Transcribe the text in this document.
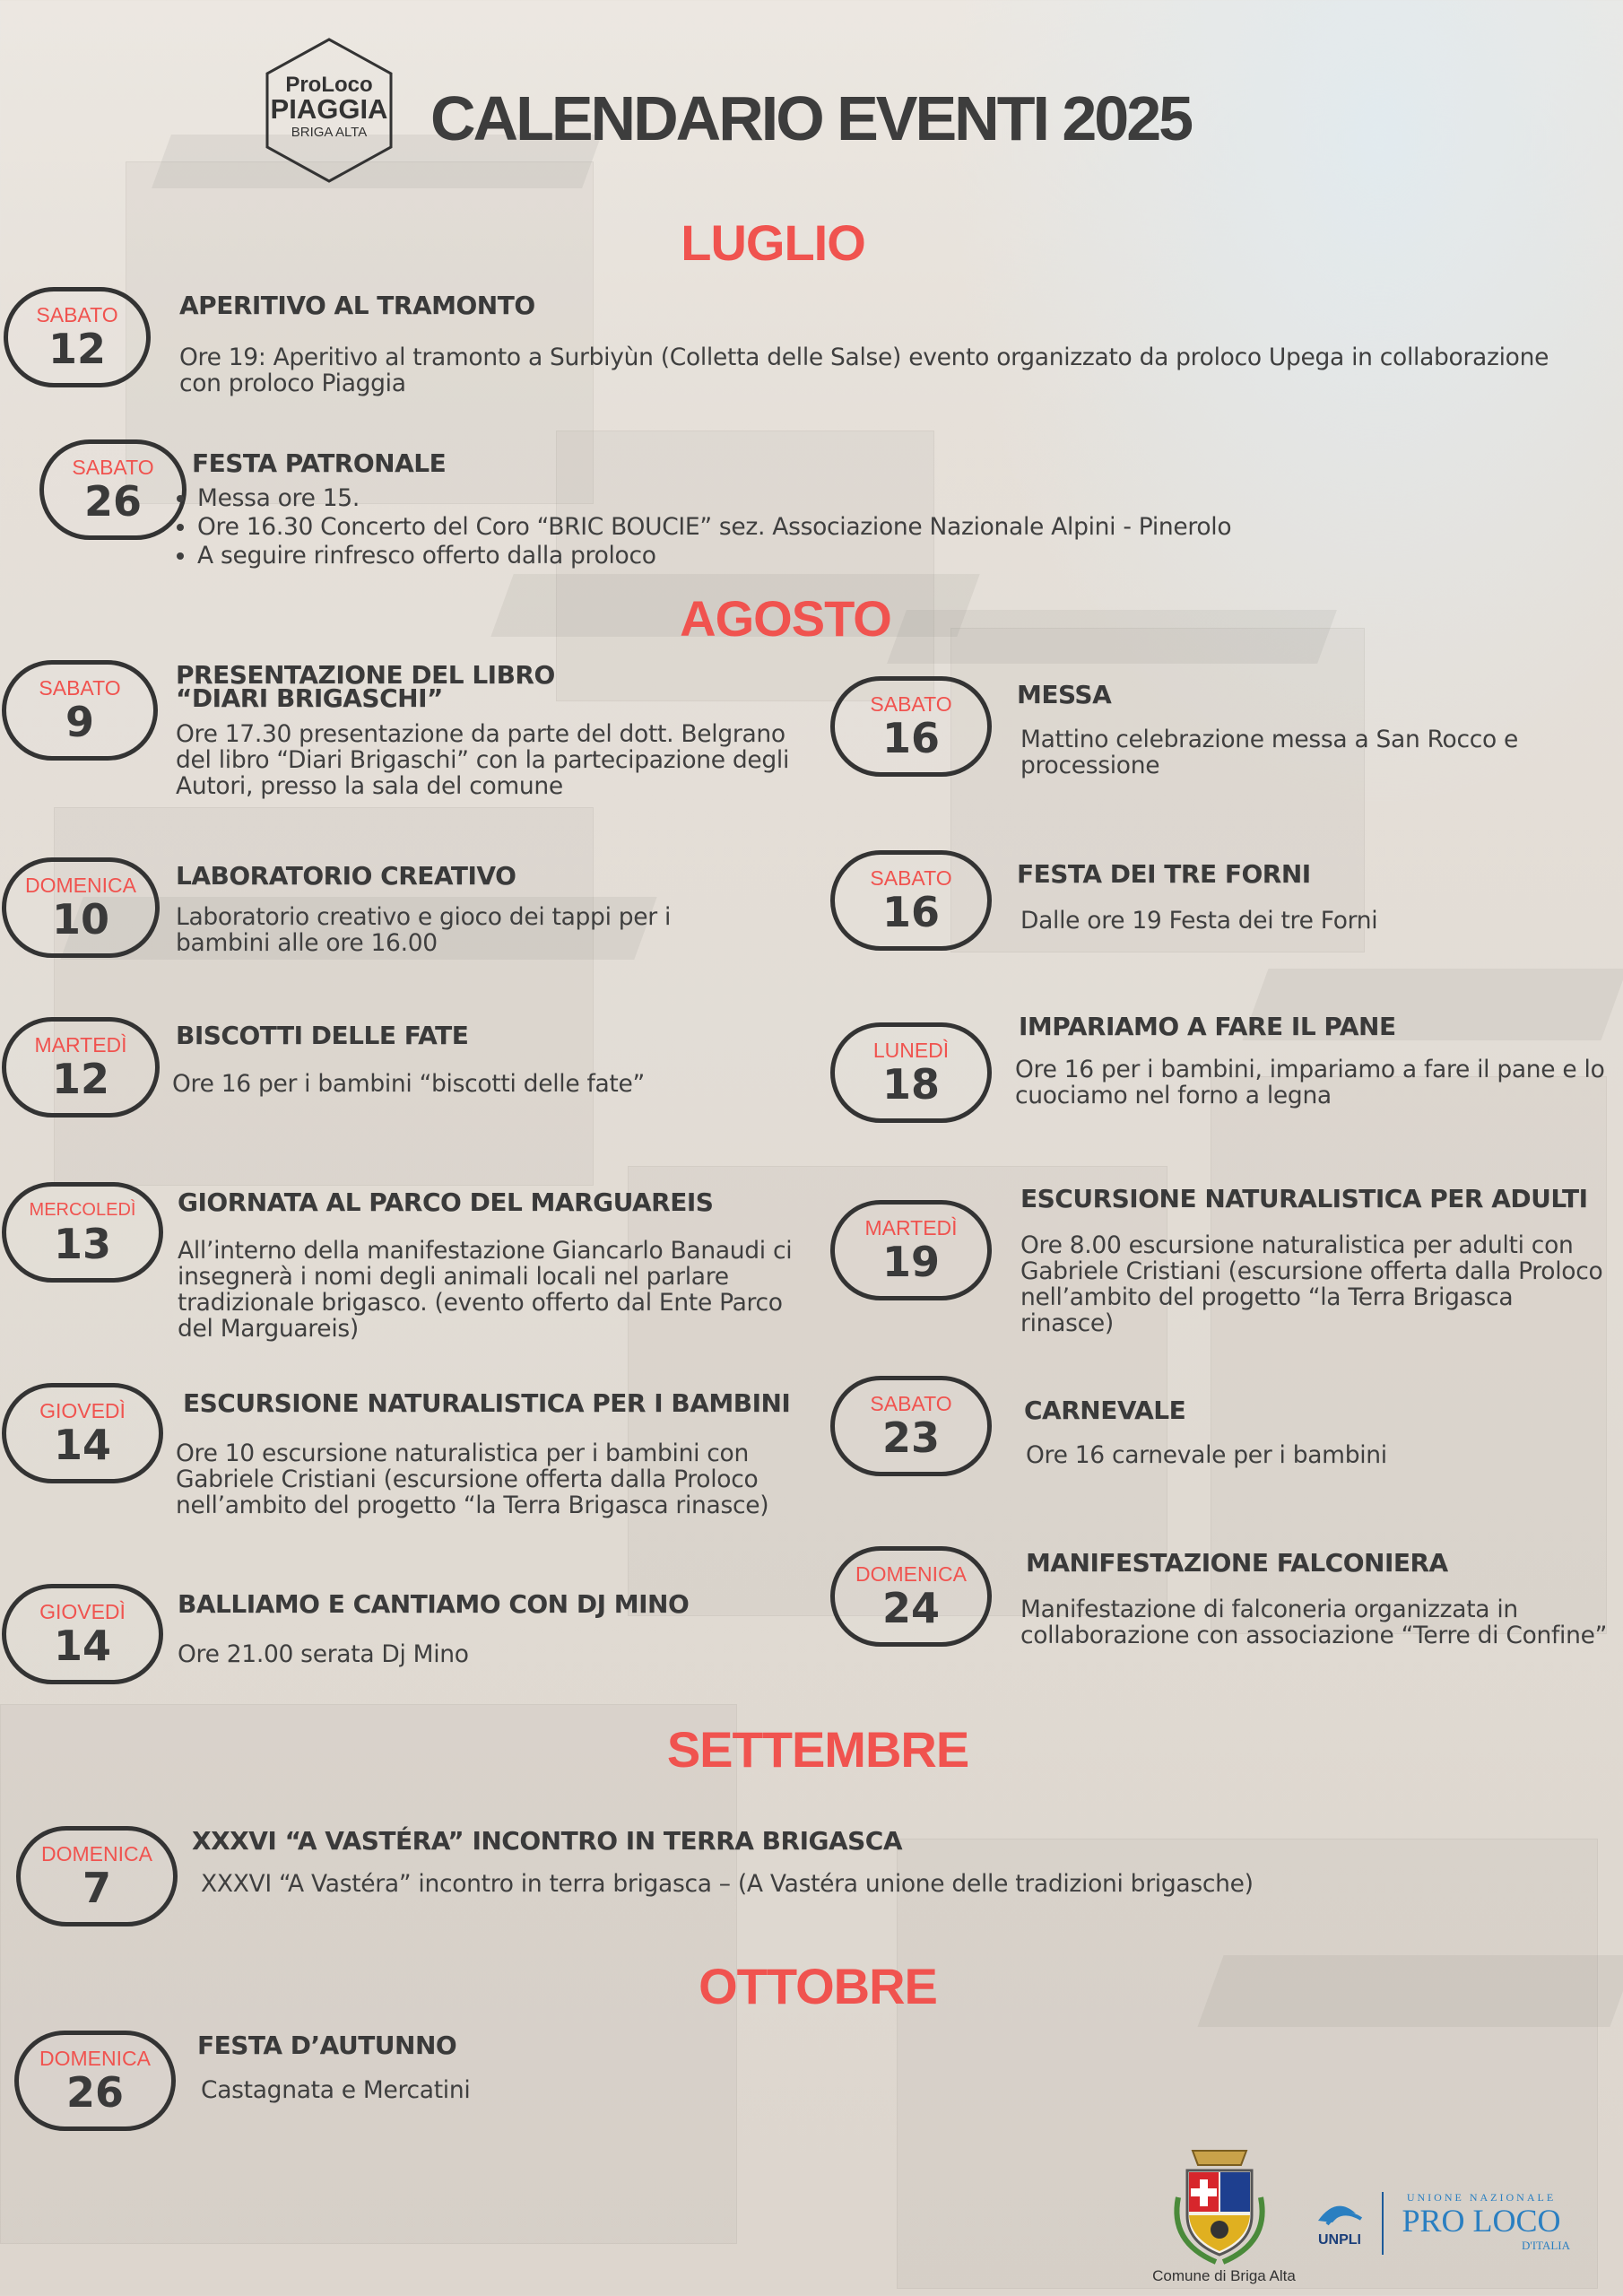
ProLoco
PIAGGIA
BRIGA ALTA CALENDARIO EVENTI 2025
LUGLIO
SABATO
12
APERITIVO AL TRAMONTO
Ore 19: Aperitivo al tramonto a Surbiyùn (Colletta delle Salse) evento organizzato da proloco Upega in collaborazione con proloco Piaggia
SABATO
26
FESTA PATRONALE
• Messa ore 15.
• Ore 16.30 Concerto del Coro “BRIC BOUCIE” sez. Associazione Nazionale Alpini - Pinerolo
• A seguire rinfresco offerto dalla proloco
AGOSTO
SABATO
9
PRESENTAZIONE DEL LIBRO “DIARI BRIGASCHI”
Ore 17.30 presentazione da parte del dott. Belgrano del libro “Diari Brigaschi” con la partecipazione degli Autori, presso la sala del comune
DOMENICA
10
LABORATORIO CREATIVO
Laboratorio creativo e gioco dei tappi per i bambini alle ore 16.00
MARTEDÌ
12
BISCOTTI DELLE FATE
Ore 16 per i bambini “biscotti delle fate”
MERCOLEDÌ
13
GIORNATA AL PARCO DEL MARGUAREIS
All’interno della manifestazione Giancarlo Banaudi ci insegnerà i nomi degli animali locali nel parlare tradizionale brigasco. (evento offerto dal Ente Parco del Marguareis)
GIOVEDÌ
14
ESCURSIONE NATURALISTICA PER I BAMBINI
Ore 10 escursione naturalistica per i bambini con Gabriele Cristiani (escursione offerta dalla Proloco nell’ambito del progetto “la Terra Brigasca rinasce)
GIOVEDÌ
14
BALLIAMO E CANTIAMO CON DJ MINO
Ore 21.00 serata Dj Mino
SABATO
16
MESSA
Mattino celebrazione messa a San Rocco e processione
SABATO
16
FESTA DEI TRE FORNI
Dalle ore 19 Festa dei tre Forni
LUNEDÌ
18
IMPARIAMO A FARE IL PANE
Ore 16 per i bambini, impariamo a fare il pane e lo cuociamo nel forno a legna
MARTEDÌ
19
ESCURSIONE NATURALISTICA PER ADULTI
Ore 8.00 escursione naturalistica per adulti con Gabriele Cristiani (escursione offerta dalla Proloco nell’ambito del progetto “la Terra Brigasca rinasce)
SABATO
23
CARNEVALE
Ore 16 carnevale per i bambini
DOMENICA
24
MANIFESTAZIONE FALCONIERA
Manifestazione di falconeria organizzata in collaborazione con associazione “Terre di Confine”
SETTEMBRE
DOMENICA
7
XXXVI “A VASTÉRA” INCONTRO IN TERRA BRIGASCA
XXXVI “A Vastéra” incontro in terra brigasca – (A Vastéra unione delle tradizioni brigasche)
OTTOBRE
DOMENICA
26
FESTA D’AUTUNNO
Castagnata e Mercatini
Comune di Briga Alta
UNPLI
UNIONE NAZIONALE
PRO LOCO
D'ITALIA
